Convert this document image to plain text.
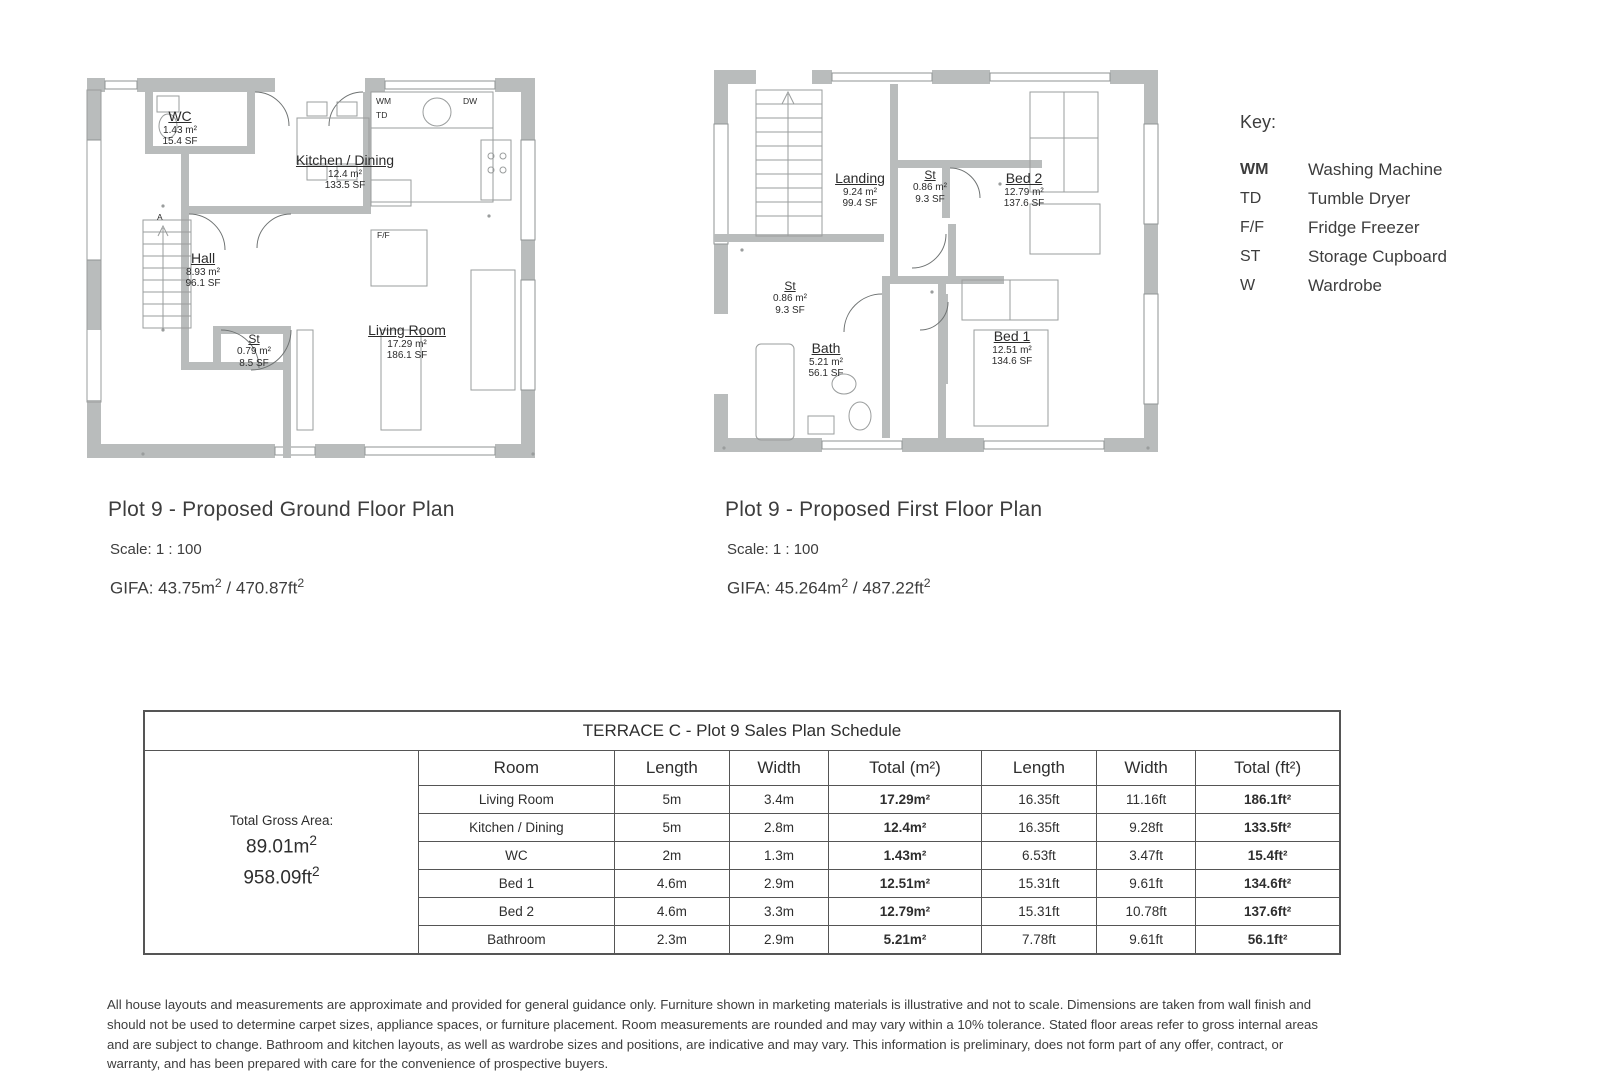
WC
1.43 m²
15.4 SF
Kitchen / Dining
12.4 m²
133.5 SF
Hall
8.93 m²
96.1 SF
St
0.79 m²
8.5 SF
Living Room
17.29 m²
186.1 SF
WM
TD
DW
F/F
A
Plot 9 - Proposed Ground Floor Plan
Scale: 1 : 100
GIFA: $43.75m^2 / 470.87ft^2$
Landing
9.24 m²
99.4 SF
St
0.86 m²
9.3 SF
Bed 2
12.79 m²
137.6 SF
St
0.86 m²
9.3 SF
Bath
5.21 m²
56.1 SF
Bed 1
12.51 m²
134.6 SF
Plot 9 - Proposed First Floor Plan
Scale: 1 : 100
GIFA: $45.264m^2 / 487.22ft^2$
Key:
WM	Washing Machine
TD	Tumble Dryer
F/F	Fridge Freezer
ST	Storage Cupboard
W	Wardrobe
TERRACE C - Plot 9 Sales Plan Schedule							

Total Gross Area:
$89.01m^2$
$958.09ft^2$	Room	Length	Width	Total (m²)	Length	Width	Total (ft²)
	Living Room	5m	3.4m	17.29m²	16.35ft	11.16ft	186.1ft²
	Kitchen / Dining	5m	2.8m	12.4m²	16.35ft	9.28ft	133.5ft²
	WC	2m	1.3m	1.43m²	6.53ft	3.47ft	15.4ft²
	Bed 1	4.6m	2.9m	12.51m²	15.31ft	9.61ft	134.6ft²
	Bed 2	4.6m	3.3m	12.79m²	15.31ft	10.78ft	137.6ft²
	Bathroom	2.3m	2.9m	5.21m²	7.78ft	9.61ft	56.1ft²
All house layouts and measurements are approximate and provided for general guidance only. Furniture shown in marketing materials is illustrative and not to scale. Dimensions are taken from wall finish and should not be used to determine carpet sizes, appliance spaces, or furniture placement. Room measurements are rounded and may vary within a 10% tolerance. Stated floor areas refer to gross internal areas and are subject to change. Bathroom and kitchen layouts, as well as wardrobe sizes and positions, are indicative and may vary. This information is preliminary, does not form part of any offer, contract, or warranty, and has been prepared with care for the convenience of prospective buyers.
